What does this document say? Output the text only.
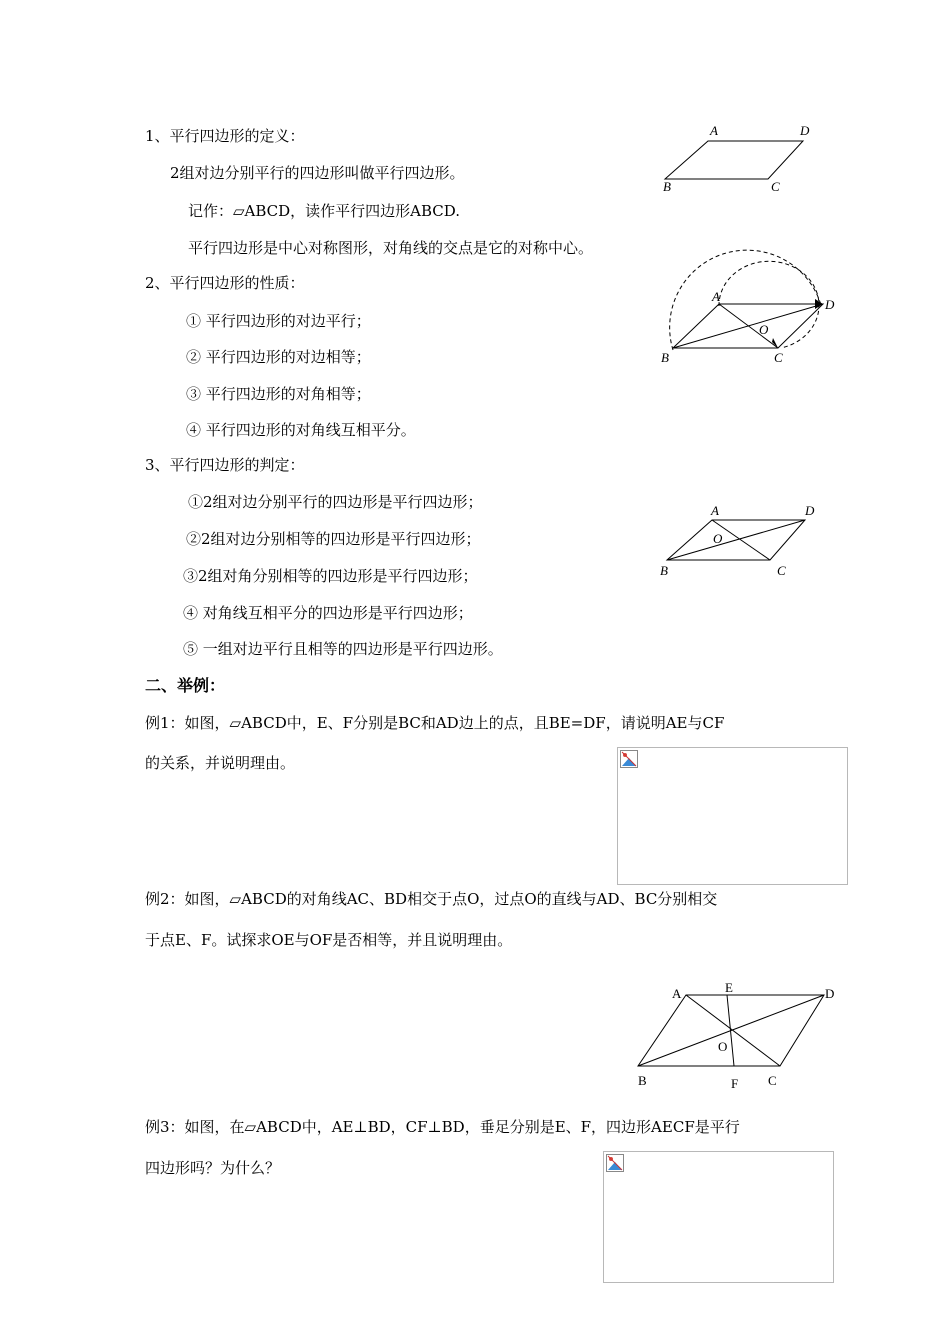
1、平行四边形的定义：
2组对边分别平行的四边形叫做平行四边形。
记作：▱ABCD，读作平行四边形ABCD.
平行四边形是中心对称图形，对角线的交点是它的对称中心。
2、平行四边形的性质：
① 平行四边形的对边平行；
② 平行四边形的对边相等；
③ 平行四边形的对角相等；
④ 平行四边形的对角线互相平分。
3、平行四边形的判定：
①2组对边分别平行的四边形是平行四边形；
②2组对边分别相等的四边形是平行四边形；
③2组对角分别相等的四边形是平行四边形；
④ 对角线互相平分的四边形是平行四边形；
⑤ 一组对边平行且相等的四边形是平行四边形。
二、举例：
例1：如图，▱ABCD中，E、F分别是BC和AD边上的点，且BE=DF，请说明AE与CF
的关系，并说明理由。
例2：如图，▱ABCD的对角线AC、BD相交于点O，过点O的直线与AD、BC分别相交
于点E、F。试探求OE与OF是否相等，并且说明理由。
例3：如图，在▱ABCD中，AE⊥BD，CF⊥BD，垂足分别是E、F，四边形AECF是平行
四边形吗？为什么？
A	D
B	C
A
D
B	C
O
A	D
B	C
O
A	E	D
O
B	F C
